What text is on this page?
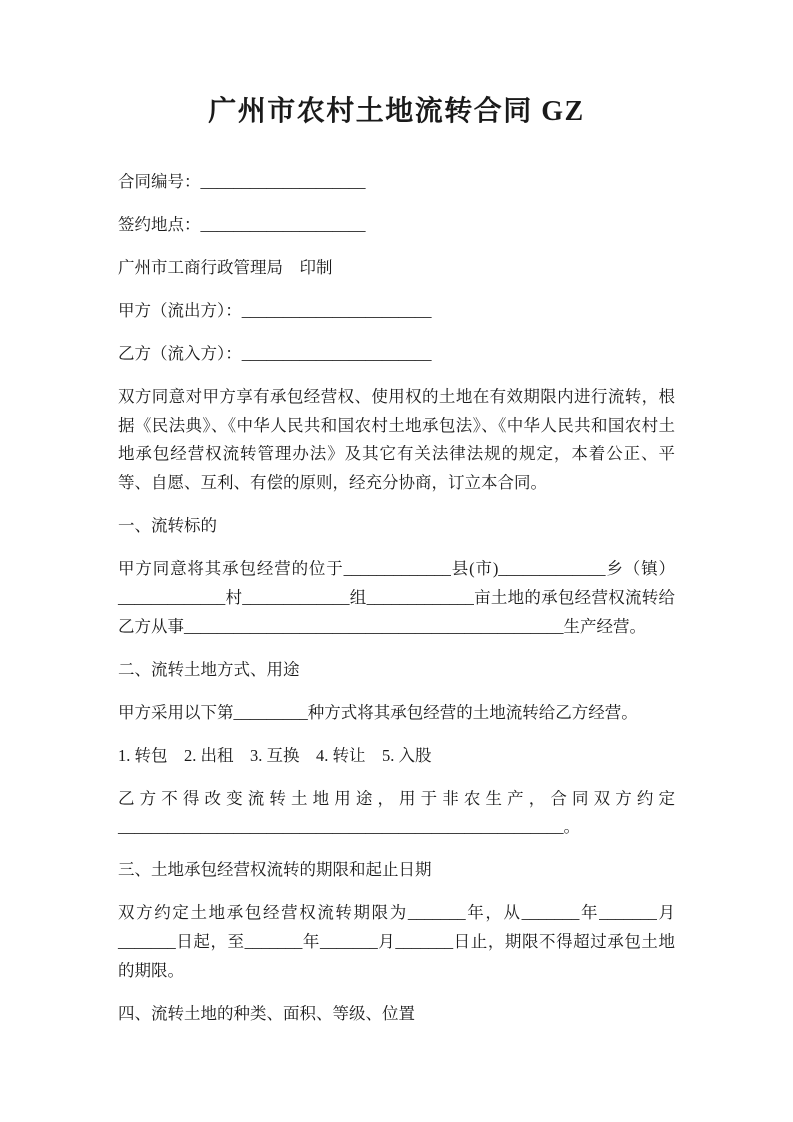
广州市农村土地流转合同 GZ

合同编号：____________________

签约地点：____________________

广州市工商行政管理局　印制

甲方（流出方）：_______________________

乙方（流入方）：_______________________

双方同意对甲方享有承包经营权、使用权的土地在有效期限内进行流转，根据《民法典》、《中华人民共和国农村土地承包法》、《中华人民共和国农村土地承包经营权流转管理办法》及其它有关法律法规的规定，本着公正、平等、自愿、互利、有偿的原则，经充分协商，订立本合同。

一、流转标的

甲方同意将其承包经营的位于_____________县(市)_____________乡（镇）_____________村_____________组_____________亩土地的承包经营权流转给乙方从事______________________________________________生产经营。

二、流转土地方式、用途

甲方采用以下第_________种方式将其承包经营的土地流转给乙方经营。

1. 转包　2. 出租　3. 互换　4. 转让　5. 入股

乙方不得改变流转土地用途，用于非农生产，合同双方约定______________________________________________________。

三、土地承包经营权流转的期限和起止日期

双方约定土地承包经营权流转期限为_______年，从_______年_______月_______日起，至_______年_______月_______日止，期限不得超过承包土地的期限。

四、流转土地的种类、面积、等级、位置
